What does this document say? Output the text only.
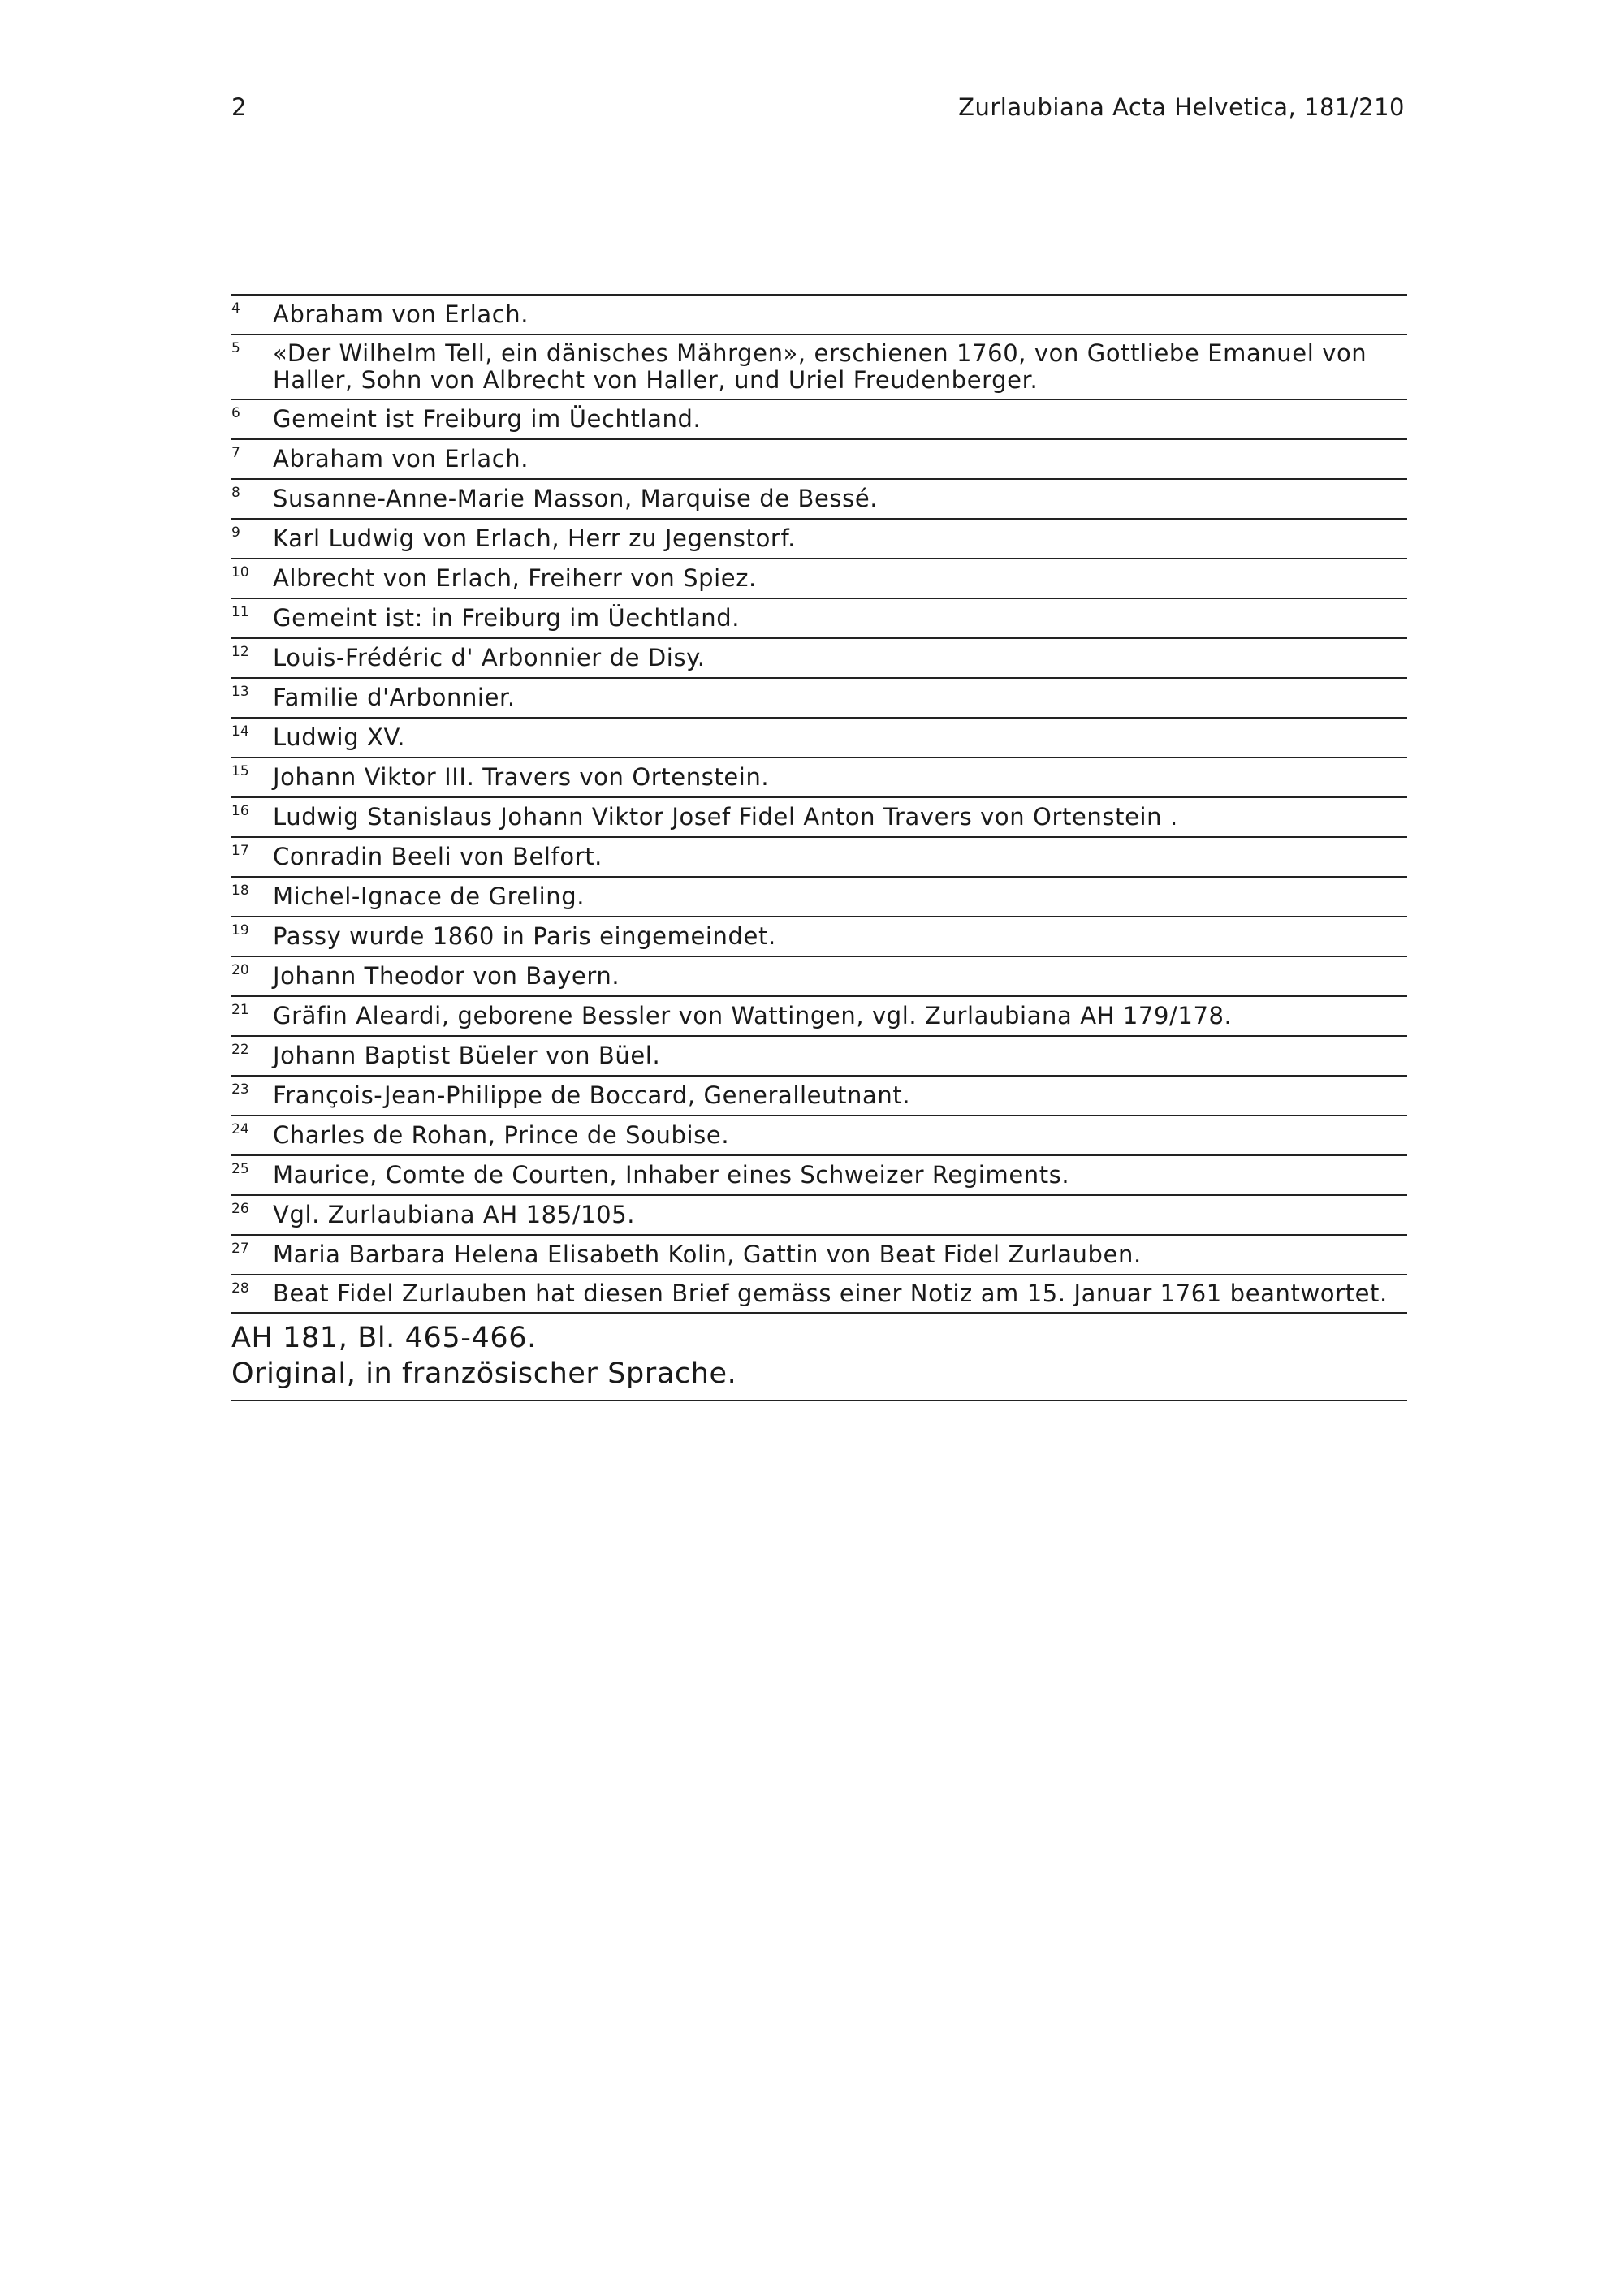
2	Zurlaubiana Acta Helvetica, 181/210
4	Abraham von Erlach.
5	«Der Wilhelm Tell, ein dänisches Mährgen», erschienen 1760, von Gottliebe Emanuel von Haller, Sohn von Albrecht von Haller, und Uriel Freudenberger.
6	Gemeint ist Freiburg im Üechtland.
7	Abraham von Erlach.
8	Susanne-Anne-Marie Masson, Marquise de Bessé.
9	Karl Ludwig von Erlach, Herr zu Jegenstorf.
10	Albrecht von Erlach, Freiherr von Spiez.
11	Gemeint ist: in Freiburg im Üechtland.
12	Louis-Frédéric d' Arbonnier de Disy.
13	Familie d'Arbonnier.
14	Ludwig XV.
15	Johann Viktor III. Travers von Ortenstein.
16	Ludwig Stanislaus Johann Viktor Josef Fidel Anton Travers von Ortenstein .
17	Conradin Beeli von Belfort.
18	Michel-Ignace de Greling.
19	Passy wurde 1860 in Paris eingemeindet.
20	Johann Theodor von Bayern.
21	Gräfin Aleardi, geborene Bessler von Wattingen, vgl. Zurlaubiana AH 179/178.
22	Johann Baptist Büeler von Büel.
23	François-Jean-Philippe de Boccard, Generalleutnant.
24	Charles de Rohan, Prince de Soubise.
25	Maurice, Comte de Courten, Inhaber eines Schweizer Regiments.
26	Vgl. Zurlaubiana AH 185/105.
27	Maria Barbara Helena Elisabeth Kolin, Gattin von Beat Fidel Zurlauben.
28	Beat Fidel Zurlauben hat diesen Brief gemäss einer Notiz am 15. Januar 1761 beantwortet.
AH 181, Bl. 465-466.
Original, in französischer Sprache.
